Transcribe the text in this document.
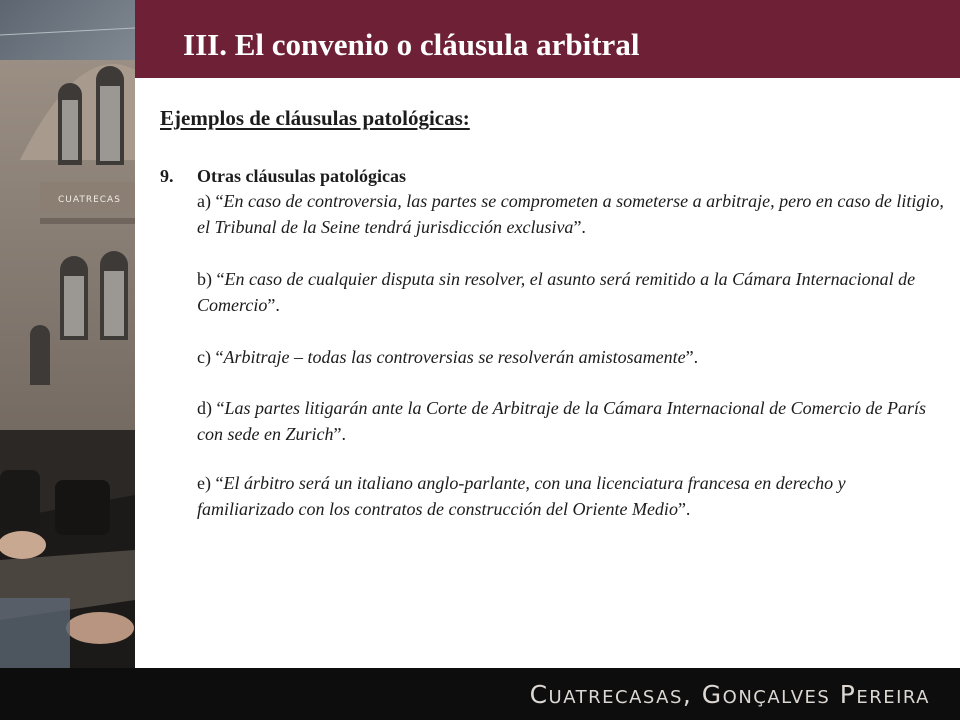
CUATRECAS
III. El convenio o cláusula arbitral
Ejemplos de cláusulas patológicas:
9. Otras cláusulas patológicas
a) “En caso de controversia, las partes se comprometen a someterse a arbitraje, pero en caso de litigio, el Tribunal de la Seine tendrá jurisdicción exclusiva”.
b) “En caso de cualquier disputa sin resolver, el asunto será remitido a la Cámara Internacional de Comercio”.
c) “Arbitraje – todas las controversias se resolverán amistosamente”.
d) “Las partes litigarán ante la Corte de Arbitraje de la Cámara Internacional de Comercio de París con sede en Zurich”.
e) “El árbitro será un italiano anglo-parlante, con una licenciatura francesa en derecho y familiarizado con los contratos de construcción del Oriente Medio”.
Cuatrecasas, Gonçalves Pereira
